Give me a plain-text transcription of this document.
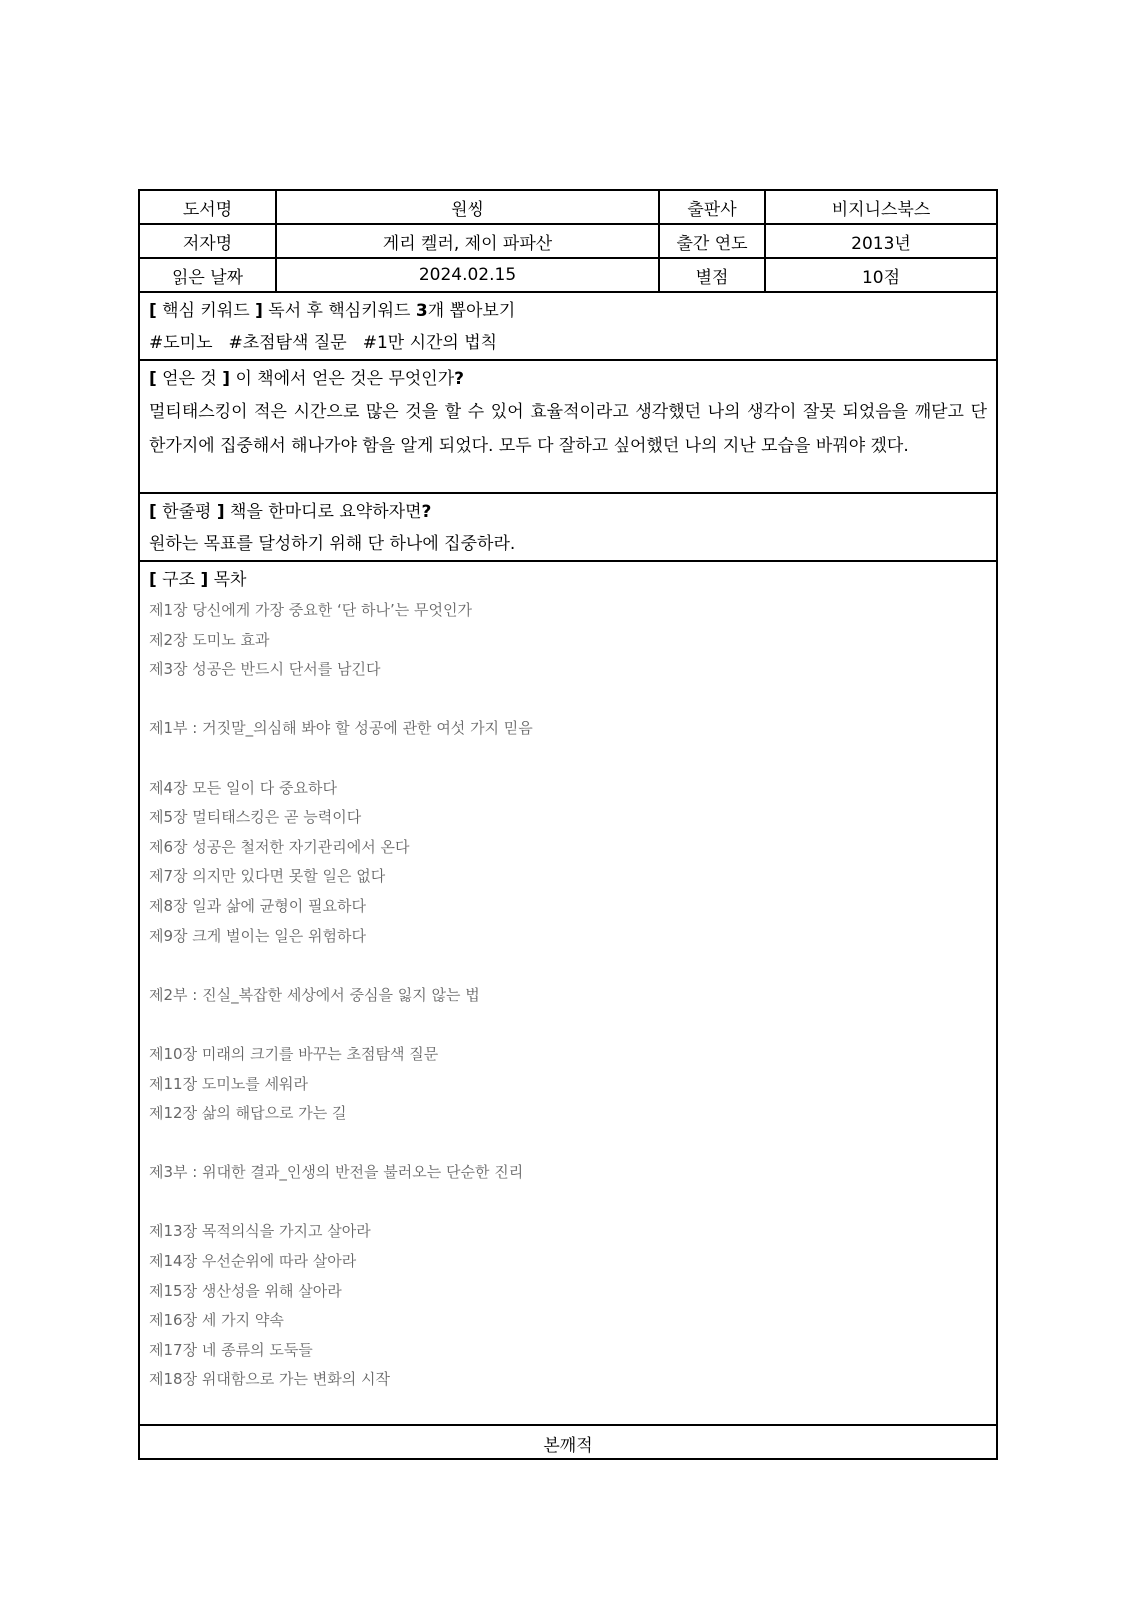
도서명	원씽	출판사	비지니스북스
저자명	게리 켈러, 제이 파파산	출간 연도	2013년
읽은 날짜	2024.02.15	별점	10점
[ 핵심 키워드 ] 독서 후 핵심키워드 3개 뽑아보기
#도미노 #초점탐색 질문 #1만 시간의 법칙
[ 얻은 것 ] 이 책에서 얻은 것은 무엇인가?
멀티태스킹이 적은 시간으로 많은 것을 할 수 있어 효율적이라고 생각했던 나의 생각이 잘못 되었음을 깨닫고 단 한가지에 집중해서 해나가야 함을 알게 되었다. 모두 다 잘하고 싶어했던 나의 지난 모습을 바꿔야 겠다.
[ 한줄평 ] 책을 한마디로 요약하자면?
원하는 목표를 달성하기 위해 단 하나에 집중하라.
[ 구조 ] 목차
제1장 당신에게 가장 중요한 ‘단 하나’는 무엇인가
제2장 도미노 효과
제3장 성공은 반드시 단서를 남긴다
제1부 : 거짓말_의심해 봐야 할 성공에 관한 여섯 가지 믿음
제4장 모든 일이 다 중요하다
제5장 멀티태스킹은 곧 능력이다
제6장 성공은 철저한 자기관리에서 온다
제7장 의지만 있다면 못할 일은 없다
제8장 일과 삶에 균형이 필요하다
제9장 크게 벌이는 일은 위험하다
제2부 : 진실_복잡한 세상에서 중심을 잃지 않는 법
제10장 미래의 크기를 바꾸는 초점탐색 질문
제11장 도미노를 세워라
제12장 삶의 해답으로 가는 길
제3부 : 위대한 결과_인생의 반전을 불러오는 단순한 진리
제13장 목적의식을 가지고 살아라
제14장 우선순위에 따라 살아라
제15장 생산성을 위해 살아라
제16장 세 가지 약속
제17장 네 종류의 도둑들
제18장 위대함으로 가는 변화의 시작
본깨적
